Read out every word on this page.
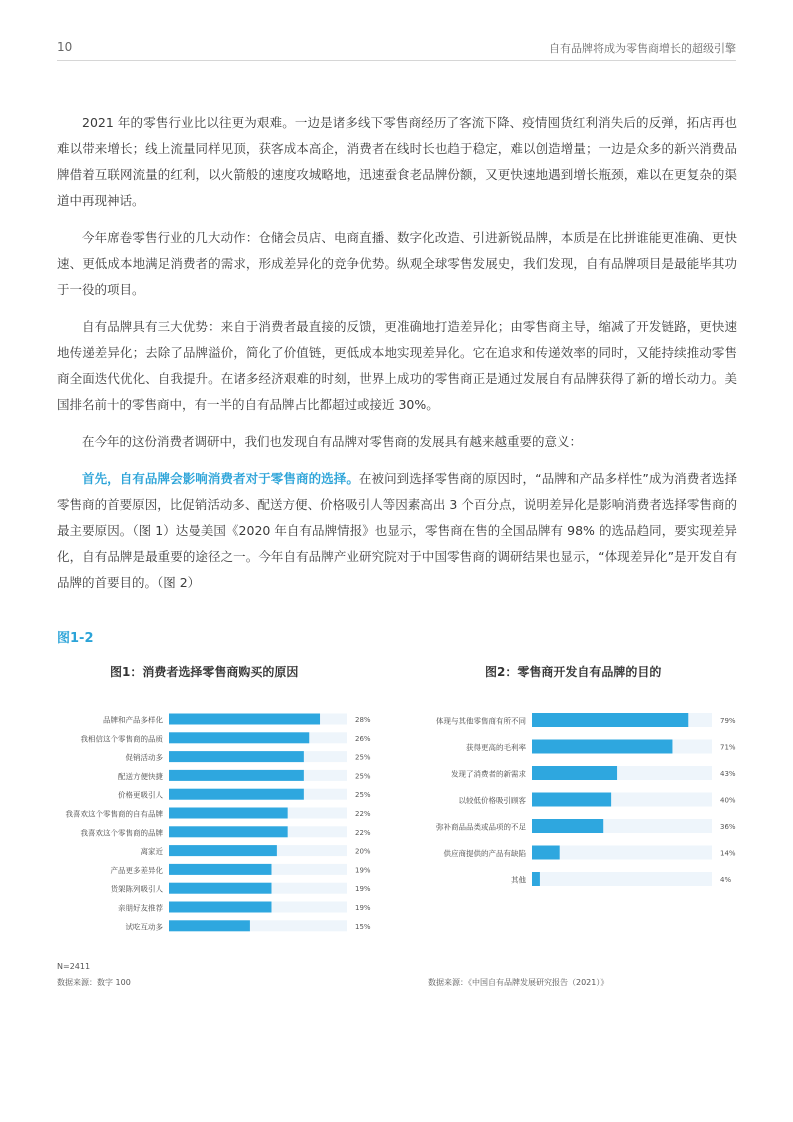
10	自有品牌将成为零售商增长的超级引擎

2021 年的零售行业比以往更为艰难。一边是诸多线下零售商经历了客流下降、疫情囤货红利消失后的反弹，拓店再也难以带来增长；线上流量同样见顶，获客成本高企，消费者在线时长也趋于稳定，难以创造增量；一边是众多的新兴消费品牌借着互联网流量的红利，以火箭般的速度攻城略地，迅速蚕食老品牌份额，又更快速地遇到增长瓶颈，难以在更复杂的渠道中再现神话。

今年席卷零售行业的几大动作：仓储会员店、电商直播、数字化改造、引进新锐品牌，本质是在比拼谁能更准确、更快速、更低成本地满足消费者的需求，形成差异化的竞争优势。纵观全球零售发展史，我们发现，自有品牌项目是最能毕其功于一役的项目。

自有品牌具有三大优势：来自于消费者最直接的反馈，更准确地打造差异化；由零售商主导，缩减了开发链路，更快速地传递差异化；去除了品牌溢价，简化了价值链，更低成本地实现差异化。它在追求和传递效率的同时，又能持续推动零售商全面迭代优化、自我提升。在诸多经济艰难的时刻，世界上成功的零售商正是通过发展自有品牌获得了新的增长动力。美国排名前十的零售商中，有一半的自有品牌占比都超过或接近 30%。

在今年的这份消费者调研中，我们也发现自有品牌对零售商的发展具有越来越重要的意义：

首先，自有品牌会影响消费者对于零售商的选择。在被问到选择零售商的原因时，“品牌和产品多样性”成为消费者选择零售商的首要原因，比促销活动多、配送方便、价格吸引人等因素高出 3 个百分点，说明差异化是影响消费者选择零售商的最主要原因。（图 1）达曼美国《2020 年自有品牌情报》也显示，零售商在售的全国品牌有 98% 的选品趋同，要实现差异化，自有品牌是最重要的途径之一。今年自有品牌产业研究院对于中国零售商的调研结果也显示，“体现差异化”是开发自有品牌的首要目的。（图 2）

图1-2
图1：消费者选择零售商购买的原因	图2：零售商开发自有品牌的目的
品牌和产品多样化	28%
我相信这个零售商的品质	26%
促销活动多	25%
配送方便快捷	25%
价格更吸引人	25%
我喜欢这个零售商的自有品牌	22%
我喜欢这个零售商的品牌	22%
离家近	20%
产品更多差异化	19%
货架陈列吸引人	19%
亲朋好友推荐	19%
试吃互动多	15%
体现与其他零售商有所不同	79%
获得更高的毛利率	71%
发现了消费者的新需求	43%
以较低价格吸引顾客	40%
弥补商品品类或品项的不足	36%
供应商提供的产品有缺陷	14%
其他	4%
N=2411
数据来源：数字 100	数据来源：《中国自有品牌发展研究报告（2021）》
